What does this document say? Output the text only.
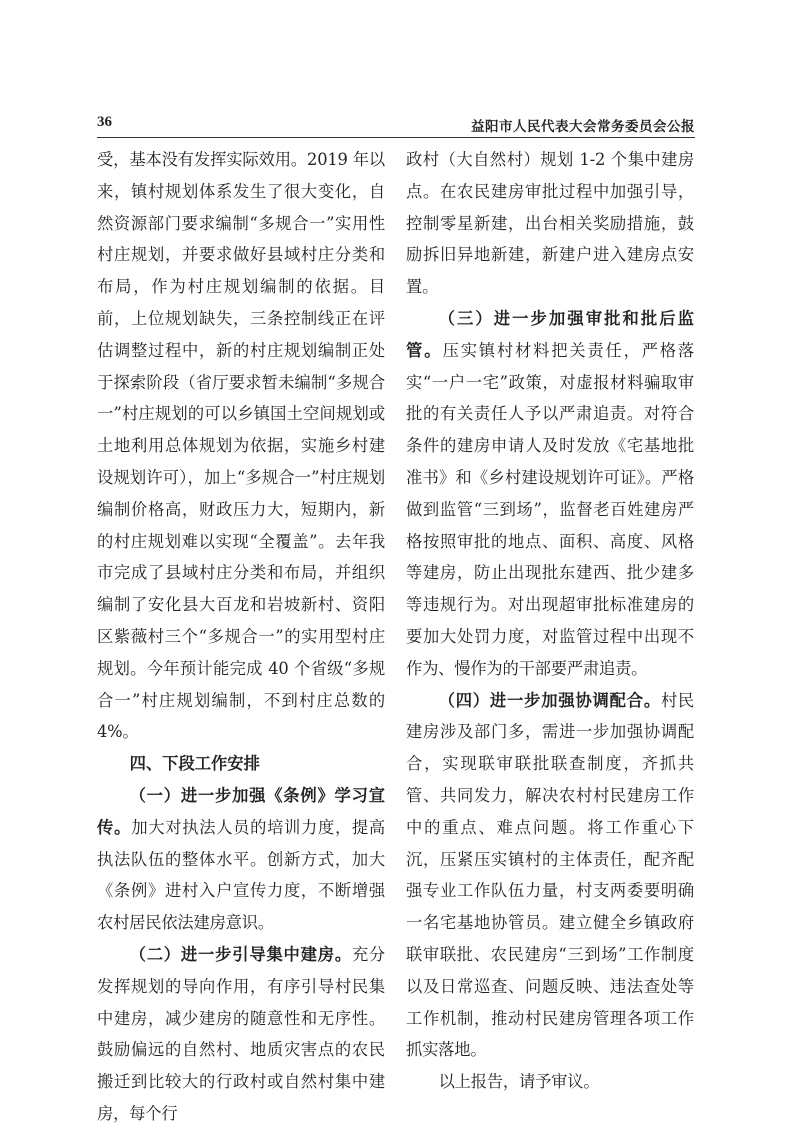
36	益阳市人民代表大会常务委员会公报

受，基本没有发挥实际效用。2019 年以来，镇村规划体系发生了很大变化，自然资源部门要求编制“多规合一”实用性村庄规划，并要求做好县域村庄分类和布局，作为村庄规划编制的依据。目前，上位规划缺失，三条控制线正在评估调整过程中，新的村庄规划编制正处于探索阶段（省厅要求暂未编制“多规合一”村庄规划的可以乡镇国土空间规划或土地利用总体规划为依据，实施乡村建设规划许可），加上“多规合一”村庄规划编制价格高，财政压力大，短期内，新的村庄规划难以实现“全覆盖”。去年我市完成了县域村庄分类和布局，并组织编制了安化县大百龙和岩坡新村、资阳区紫薇村三个“多规合一”的实用型村庄规划。今年预计能完成 40 个省级“多规合一”村庄规划编制，不到村庄总数的 4%。

四、下段工作安排

（一）进一步加强《条例》学习宣传。加大对执法人员的培训力度，提高执法队伍的整体水平。创新方式，加大《条例》进村入户宣传力度，不断增强农村居民依法建房意识。

（二）进一步引导集中建房。充分发挥规划的导向作用，有序引导村民集中建房，减少建房的随意性和无序性。鼓励偏远的自然村、地质灾害点的农民搬迁到比较大的行政村或自然村集中建房，每个行

政村（大自然村）规划 1-2 个集中建房点。在农民建房审批过程中加强引导，控制零星新建，出台相关奖励措施，鼓励拆旧异地新建，新建户进入建房点安置。

（三）进一步加强审批和批后监管。压实镇村材料把关责任，严格落实“一户一宅”政策，对虚报材料骗取审批的有关责任人予以严肃追责。对符合条件的建房申请人及时发放《宅基地批准书》和《乡村建设规划许可证》。严格做到监管“三到场”，监督老百姓建房严格按照审批的地点、面积、高度、风格等建房，防止出现批东建西、批少建多等违规行为。对出现超审批标准建房的要加大处罚力度，对监管过程中出现不作为、慢作为的干部要严肃追责。

（四）进一步加强协调配合。村民建房涉及部门多，需进一步加强协调配合，实现联审联批联查制度，齐抓共管、共同发力，解决农村村民建房工作中的重点、难点问题。将工作重心下沉，压紧压实镇村的主体责任，配齐配强专业工作队伍力量，村支两委要明确一名宅基地协管员。建立健全乡镇政府联审联批、农民建房“三到场”工作制度以及日常巡查、问题反映、违法查处等工作机制，推动村民建房管理各项工作抓实落地。

以上报告，请予审议。
